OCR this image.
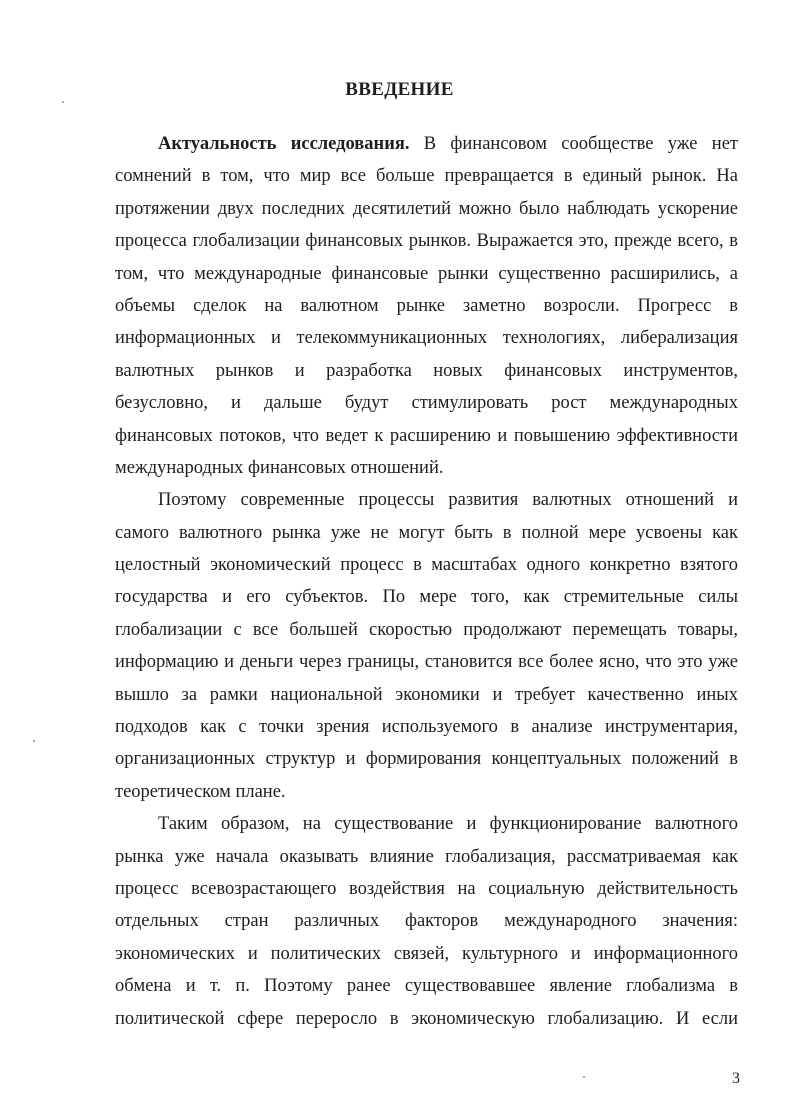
ВВЕДЕНИЕ
Актуальность исследования. В финансовом сообществе уже нет
сомнений в том, что мир все больше превращается в единый рынок. На
протяжении двух последних десятилетий можно было наблюдать ускорение
процесса глобализации финансовых рынков. Выражается это, прежде всего, в
том, что международные финансовые рынки существенно расширились, а
объемы сделок на валютном рынке заметно возросли. Прогресс в
информационных и телекоммуникационных технологиях, либерализация
валютных рынков и разработка новых финансовых инструментов,
безусловно, и дальше будут стимулировать рост международных
финансовых потоков, что ведет к расширению и повышению эффективности
международных финансовых отношений.
Поэтому современные процессы развития валютных отношений и
самого валютного рынка уже не могут быть в полной мере усвоены как
целостный экономический процесс в масштабах одного конкретно взятого
государства и его субъектов. По мере того, как стремительные силы
глобализации с все большей скоростью продолжают перемещать товары,
информацию и деньги через границы, становится все более ясно, что это уже
вышло за рамки национальной экономики и требует качественно иных
подходов как с точки зрения используемого в анализе инструментария,
организационных структур и формирования концептуальных положений в
теоретическом плане.
Таким образом, на существование и функционирование валютного
рынка уже начала оказывать влияние глобализация, рассматриваемая как
процесс всевозрастающего воздействия на социальную действительность
отдельных стран различных факторов международного значения:
экономических и политических связей, культурного и информационного
обмена и т. п. Поэтому ранее существовавшее явление глобализма в
политической сфере переросло в экономическую глобализацию. И если
3
